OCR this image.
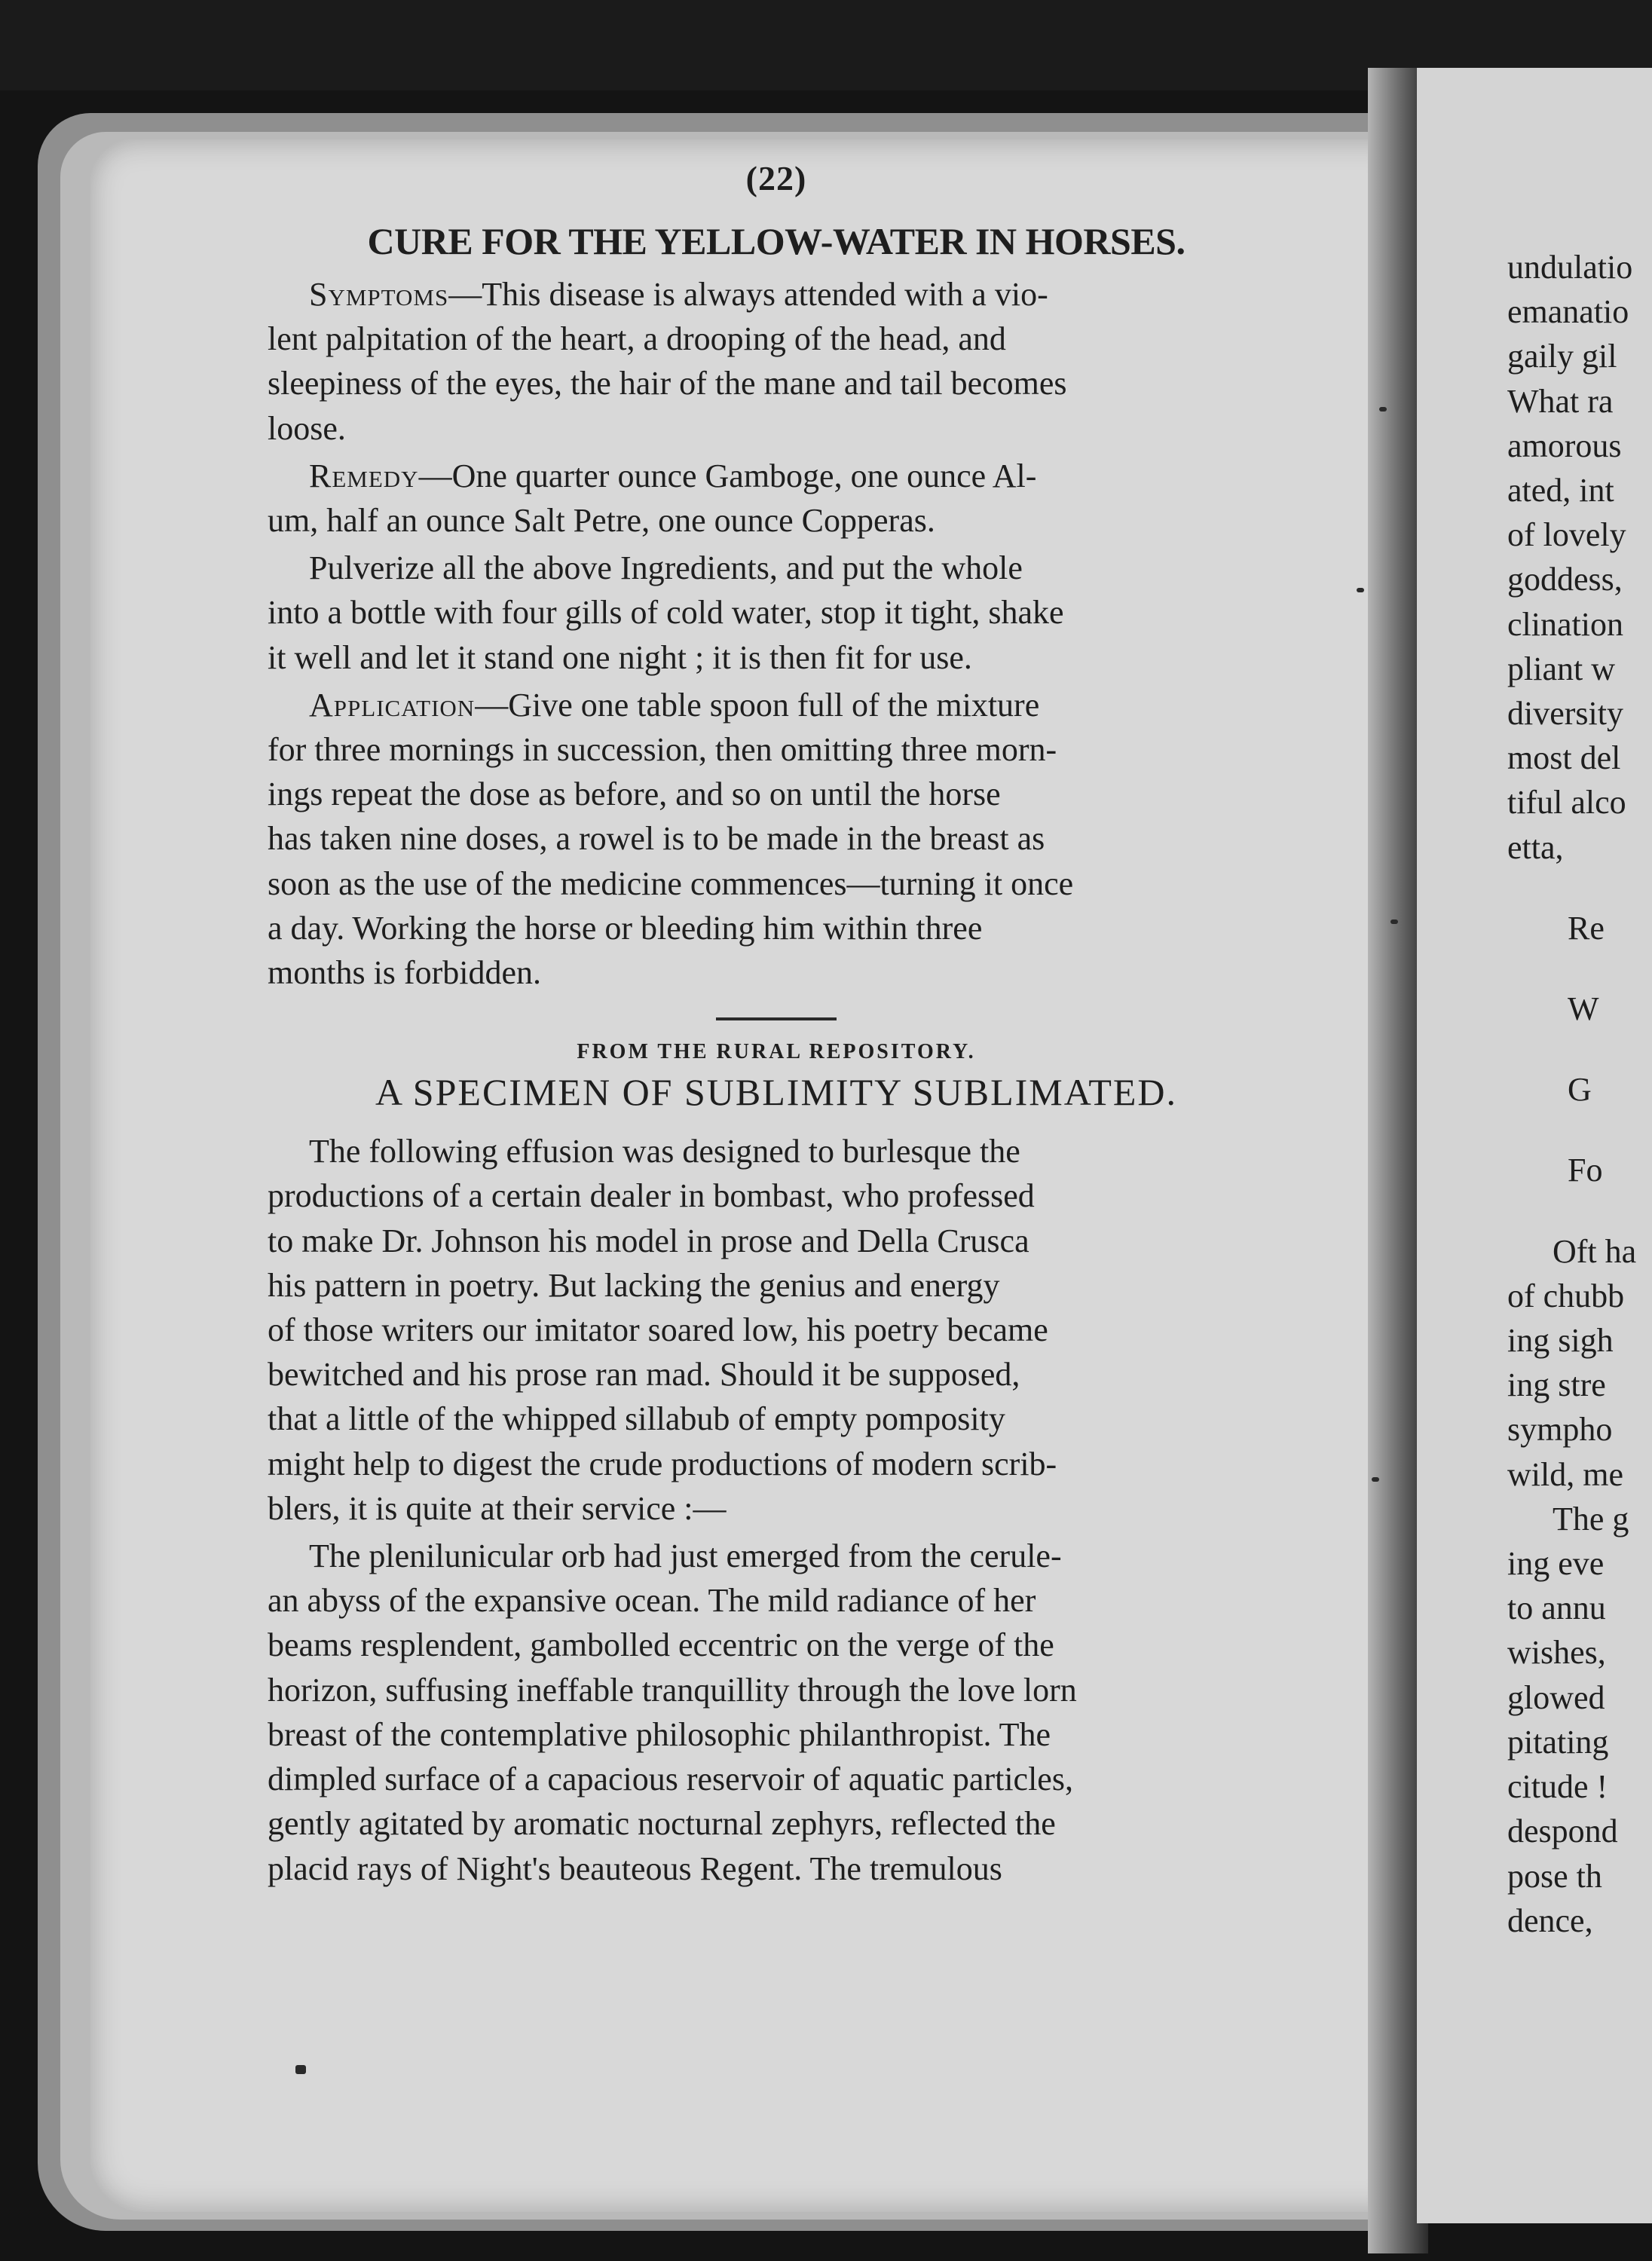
(22)
CURE FOR THE YELLOW-WATER IN HORSES.
Symptoms—This disease is always attended with a vio-
lent palpitation of the heart, a drooping of the head, and
sleepiness of the eyes, the hair of the mane and tail becomes
loose.
Remedy—One quarter ounce Gamboge, one ounce Al-
um, half an ounce Salt Petre, one ounce Copperas.
Pulverize all the above Ingredients, and put the whole
into a bottle with four gills of cold water, stop it tight, shake
it well and let it stand one night ; it is then fit for use.
Application—Give one table spoon full of the mixture
for three mornings in succession, then omitting three morn-
ings repeat the dose as before, and so on until the horse
has taken nine doses, a rowel is to be made in the breast as
soon as the use of the medicine commences—turning it once
a day. Working the horse or bleeding him within three
months is forbidden.
FROM THE RURAL REPOSITORY.
A SPECIMEN OF SUBLIMITY SUBLIMATED.
The following effusion was designed to burlesque the
productions of a certain dealer in bombast, who professed
to make Dr. Johnson his model in prose and Della Crusca
his pattern in poetry. But lacking the genius and energy
of those writers our imitator soared low, his poetry became
bewitched and his prose ran mad. Should it be supposed,
that a little of the whipped sillabub of empty pomposity
might help to digest the crude productions of modern scrib-
blers, it is quite at their service :—
The plenilunicular orb had just emerged from the cerule-
an abyss of the expansive ocean. The mild radiance of her
beams resplendent, gambolled eccentric on the verge of the
horizon, suffusing ineffable tranquillity through the love lorn
breast of the contemplative philosophic philanthropist. The
dimpled surface of a capacious reservoir of aquatic particles,
gently agitated by aromatic nocturnal zephyrs, reflected the
placid rays of Night's beauteous Regent. The tremulous
undulatio
emanatio
gaily gil
What ra
amorous
ated, int
of lovely
goddess,
clination
pliant w
diversity
most del
tiful alco
etta,
Re
W
G
Fo
Oft ha
of chubb
ing sigh
ing stre
sympho
wild, me
The g
ing eve
to annu
wishes,
glowed
pitating
citude !
despond
pose th
dence,
